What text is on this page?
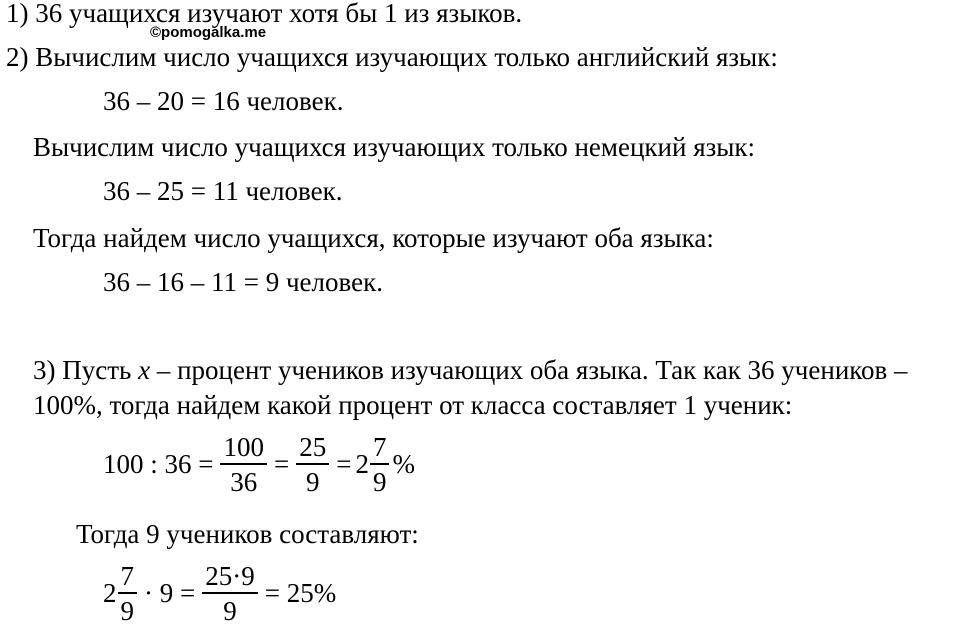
©pomogalka.me
1) 36 учащихся изучают хотя бы 1 из языков.
2) Вычислим число учащихся изучающих только английский язык:
36 – 20 = 16 человек.
Вычислим число учащихся изучающих только немецкий язык:
36 – 25 = 11 человек.
Тогда найдем число учащихся, которые изучают оба языка:
36 – 16 – 11 = 9 человек.
3) Пусть x – процент учеников изучающих оба языка. Так как 36 учеников –
100%, тогда найдем какой процент от класса составляет 1 ученик:
100 : $36 = \frac{100}{36} = \frac{25}{9} = 2 \frac{7}{9}$ %
Тогда 9 учеников составляют:
$2 \frac{7}{9} \cdot 9 = \frac{25\cdot 9}{9} = 25\%$
